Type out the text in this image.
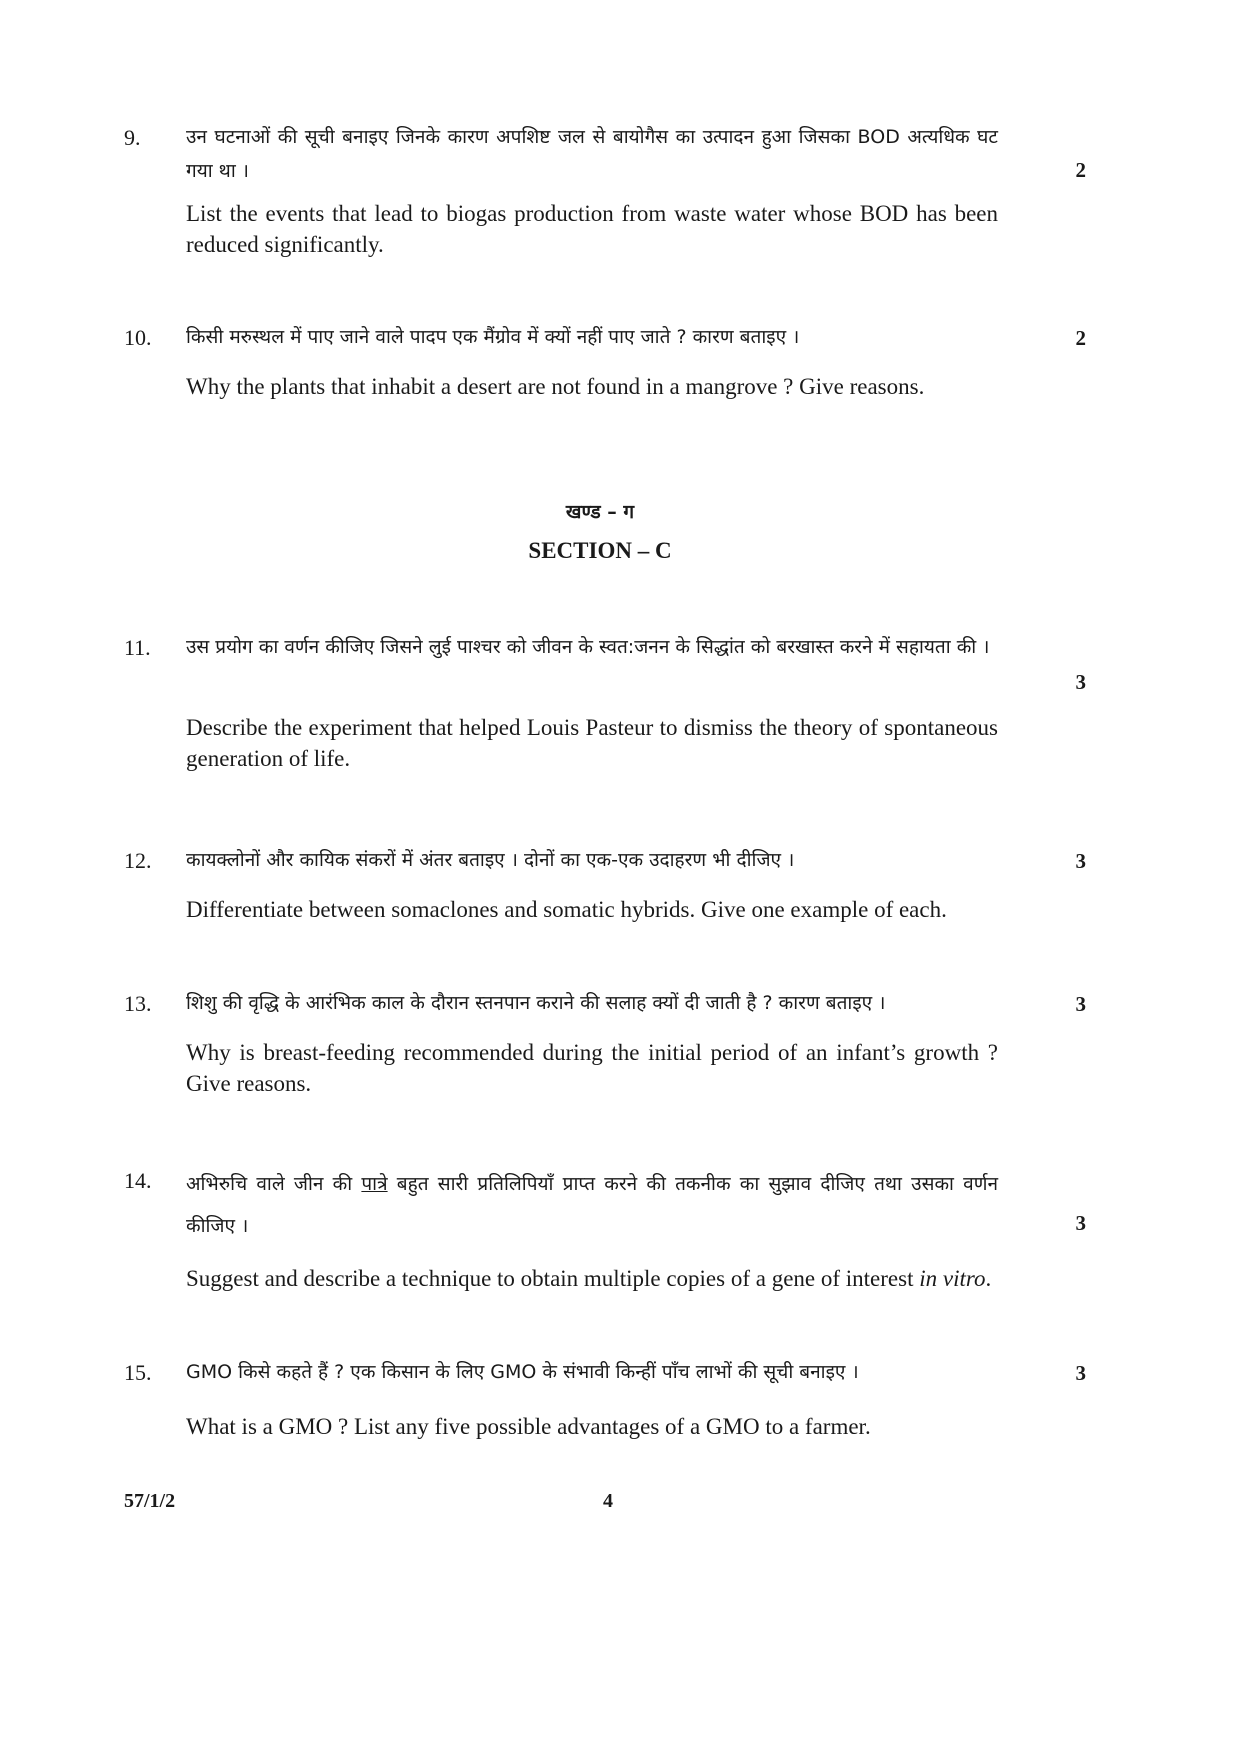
9. उन घटनाओं की सूची बनाइए जिनके कारण अपशिष्ट जल से बायोगैस का उत्पादन हुआ जिसका BOD अत्यधिक घट गया था ।	2
List the events that lead to biogas production from waste water whose BOD has been reduced significantly.
10. किसी मरुस्थल में पाए जाने वाले पादप एक मैंग्रोव में क्यों नहीं पाए जाते ? कारण बताइए ।	2
Why the plants that inhabit a desert are not found in a mangrove ? Give reasons.
खण्ड – ग
SECTION – C
11. उस प्रयोग का वर्णन कीजिए जिसने लुई पाश्चर को जीवन के स्वत:जनन के सिद्धांत को बरखास्त करने में सहायता की ।
3
Describe the experiment that helped Louis Pasteur to dismiss the theory of spontaneous generation of life.
12. कायक्लोनों और कायिक संकरों में अंतर बताइए । दोनों का एक-एक उदाहरण भी दीजिए ।	3
Differentiate between somaclones and somatic hybrids. Give one example of each.
13. शिशु की वृद्धि के आरंभिक काल के दौरान स्तनपान कराने की सलाह क्यों दी जाती है ? कारण बताइए ।	3
Why is breast-feeding recommended during the initial period of an infant’s growth ? Give reasons.
14. अभिरुचि वाले जीन की पात्रे बहुत सारी प्रतिलिपियाँ प्राप्त करने की तकनीक का सुझाव दीजिए तथा उसका वर्णन कीजिए ।	3
Suggest and describe a technique to obtain multiple copies of a gene of interest in vitro.
15. GMO किसे कहते हैं ? एक किसान के लिए GMO के संभावी किन्हीं पाँच लाभों की सूची बनाइए ।	3
What is a GMO ? List any five possible advantages of a GMO to a farmer.
57/1/2	4
